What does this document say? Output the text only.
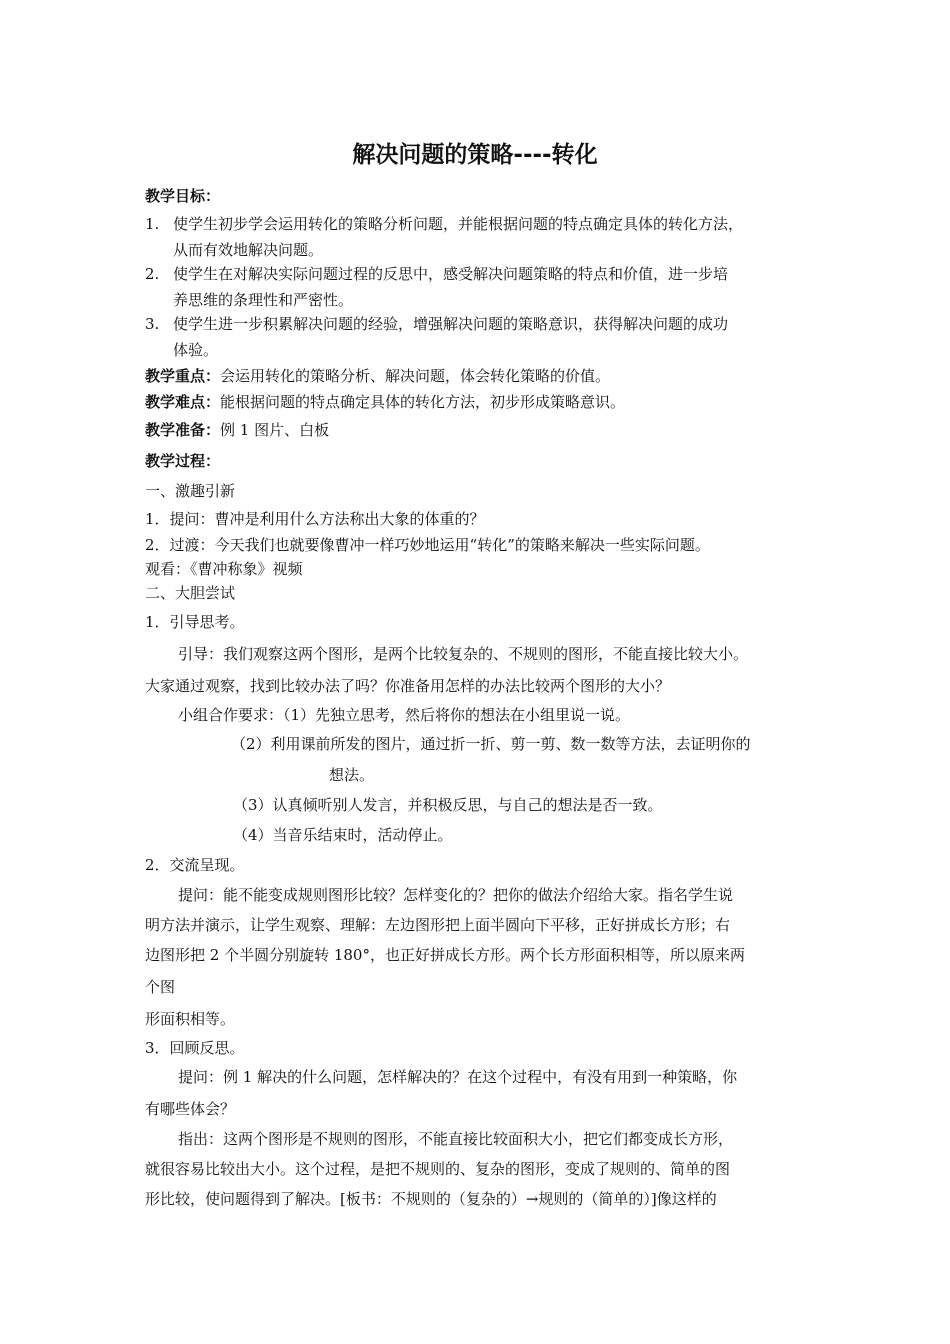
解决问题的策略----转化
教学目标：
1. 使学生初步学会运用转化的策略分析问题，并能根据问题的特点确定具体的转化方法，
从而有效地解决问题。
2. 使学生在对解决实际问题过程的反思中，感受解决问题策略的特点和价值，进一步培
养思维的条理性和严密性。
3. 使学生进一步积累解决问题的经验，增强解决问题的策略意识，获得解决问题的成功
体验。
教学重点：会运用转化的策略分析、解决问题，体会转化策略的价值。
教学难点：能根据问题的特点确定具体的转化方法，初步形成策略意识。
教学准备：例 1 图片、白板
教学过程：
一、激趣引新
1．提问：曹冲是利用什么方法称出大象的体重的？
2．过渡：今天我们也就要像曹冲一样巧妙地运用“转化”的策略来解决一些实际问题。
观看：《曹冲称象》视频
二、大胆尝试
1．引导思考。
引导：我们观察这两个图形，是两个比较复杂的、不规则的图形，不能直接比较大小。
大家通过观察，找到比较办法了吗？你准备用怎样的办法比较两个图形的大小？
小组合作要求：（1）先独立思考，然后将你的想法在小组里说一说。
（2）利用课前所发的图片，通过折一折、剪一剪、数一数等方法，去证明你的
想法。
（3）认真倾听别人发言，并积极反思，与自己的想法是否一致。
（4）当音乐结束时，活动停止。
2．交流呈现。
提问：能不能变成规则图形比较？怎样变化的？把你的做法介绍给大家。指名学生说
明方法并演示，让学生观察、理解：左边图形把上面半圆向下平移，正好拼成长方形；右
边图形把 2 个半圆分别旋转 180°，也正好拼成长方形。两个长方形面积相等，所以原来两
个图
形面积相等。
3．回顾反思。
提问：例 1 解决的什么问题，怎样解决的？在这个过程中，有没有用到一种策略，你
有哪些体会？
指出：这两个图形是不规则的图形，不能直接比较面积大小，把它们都变成长方形，
就很容易比较出大小。这个过程，是把不规则的、复杂的图形，变成了规则的、简单的图
形比较，使问题得到了解决。[板书：不规则的（复杂的）→规则的（简单的）]像这样的
